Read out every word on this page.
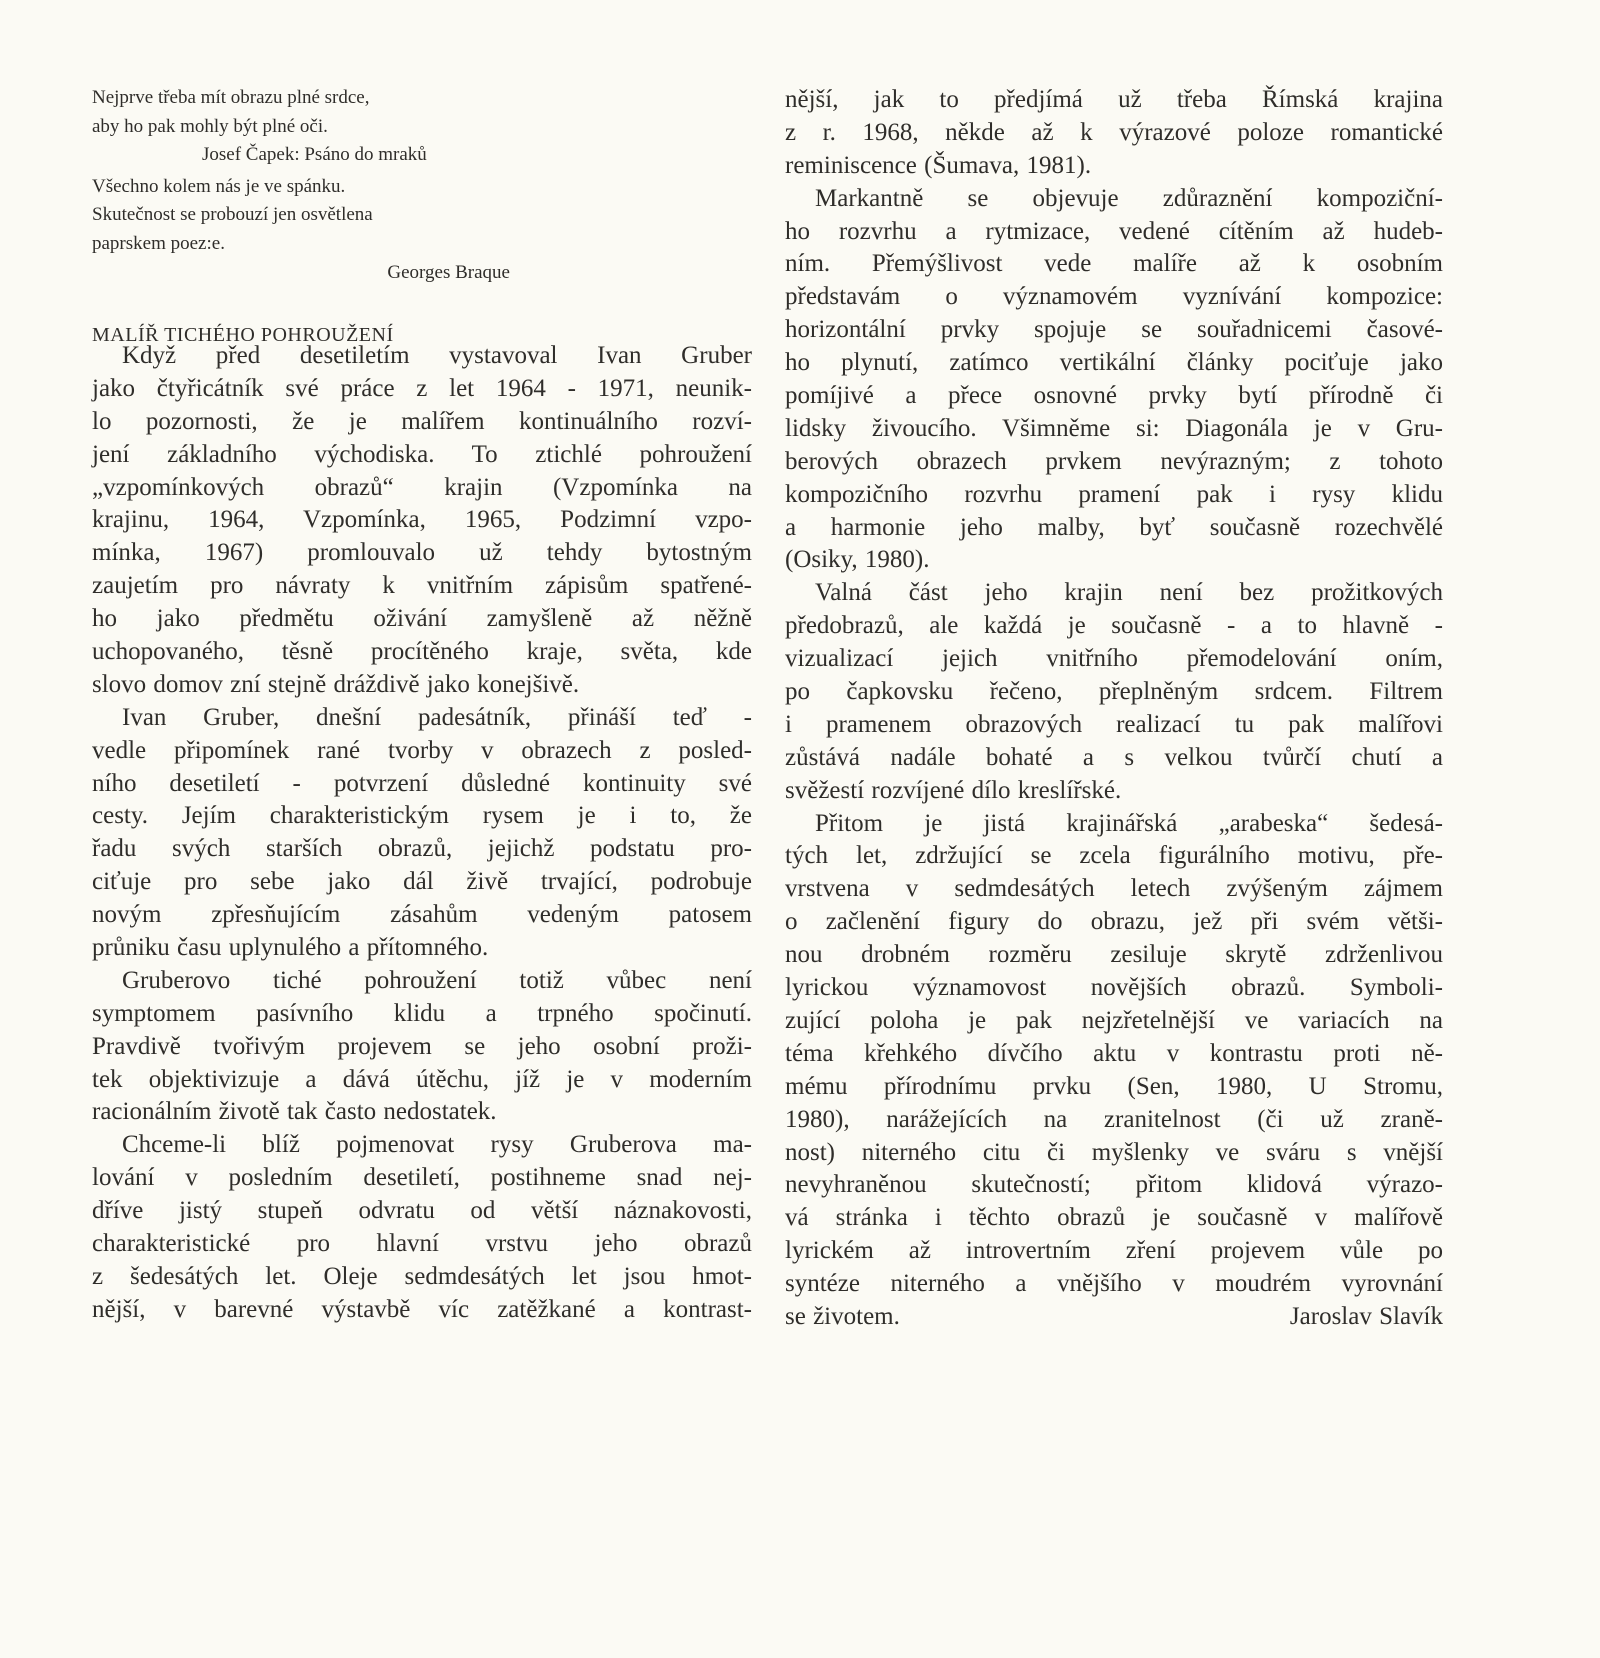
Nejprve třeba mít obrazu plné srdce,
aby ho pak mohly být plné oči.
Josef Čapek: Psáno do mraků
Všechno kolem nás je ve spánku.
Skutečnost se probouzí jen osvětlena
paprskem poez:e.
Georges Braque
MALÍŘ TICHÉHO POHROUŽENÍ
Když před desetiletím vystavoval Ivan Gruber
jako čtyřicátník své práce z let 1964 - 1971, neunik-
lo pozornosti, že je malířem kontinuálního rozví-
jení základního východiska. To ztichlé pohroužení
„vzpomínkových obrazů“ krajin (Vzpomínka na
krajinu, 1964, Vzpomínka, 1965, Podzimní vzpo-
mínka, 1967) promlouvalo už tehdy bytostným
zaujetím pro návraty k vnitřním zápisům spatřené-
ho jako předmětu oživání zamyšleně až něžně
uchopovaného, těsně procítěného kraje, světa, kde
slovo domov zní stejně dráždivě jako konejšivě.
Ivan Gruber, dnešní padesátník, přináší teď -
vedle připomínek rané tvorby v obrazech z posled-
ního desetiletí - potvrzení důsledné kontinuity své
cesty. Jejím charakteristickým rysem je i to, že
řadu svých starších obrazů, jejichž podstatu pro-
ciťuje pro sebe jako dál živě trvající, podrobuje
novým zpřesňujícím zásahům vedeným patosem
průniku času uplynulého a přítomného.
Gruberovo tiché pohroužení totiž vůbec není
symptomem pasívního klidu a trpného spočinutí.
Pravdivě tvořivým projevem se jeho osobní proži-
tek objektivizuje a dává útěchu, jíž je v moderním
racionálním životě tak často nedostatek.
Chceme-li blíž pojmenovat rysy Gruberova ma-
lování v posledním desetiletí, postihneme snad nej-
dříve jistý stupeň odvratu od větší náznakovosti,
charakteristické pro hlavní vrstvu jeho obrazů
z šedesátých let. Oleje sedmdesátých let jsou hmot-
nější, v barevné výstavbě víc zatěžkané a kontrast-
nější, jak to předjímá už třeba Římská krajina
z r. 1968, někde až k výrazové poloze romantické
reminiscence (Šumava, 1981).
Markantně se objevuje zdůraznění kompoziční-
ho rozvrhu a rytmizace, vedené cítěním až hudeb-
ním. Přemýšlivost vede malíře až k osobním
představám o významovém vyznívání kompozice:
horizontální prvky spojuje se souřadnicemi časové-
ho plynutí, zatímco vertikální články pociťuje jako
pomíjivé a přece osnovné prvky bytí přírodně či
lidsky živoucího. Všimněme si: Diagonála je v Gru-
berových obrazech prvkem nevýrazným; z tohoto
kompozičního rozvrhu pramení pak i rysy klidu
a harmonie jeho malby, byť současně rozechvělé
(Osiky, 1980).
Valná část jeho krajin není bez prožitkových
předobrazů, ale každá je současně - a to hlavně -
vizualizací jejich vnitřního přemodelování oním,
po čapkovsku řečeno, přeplněným srdcem. Filtrem
i pramenem obrazových realizací tu pak malířovi
zůstává nadále bohaté a s velkou tvůrčí chutí a
svěžestí rozvíjené dílo kreslířské.
Přitom je jistá krajinářská „arabeska“ šedesá-
tých let, zdržující se zcela figurálního motivu, pře-
vrstvena v sedmdesátých letech zvýšeným zájmem
o začlenění figury do obrazu, jež při svém větši-
nou drobném rozměru zesiluje skrytě zdrženlivou
lyrickou významovost novějších obrazů. Symboli-
zující poloha je pak nejzřetelnější ve variacích na
téma křehkého dívčího aktu v kontrastu proti ně-
mému přírodnímu prvku (Sen, 1980, U Stromu,
1980), narážejících na zranitelnost (či už zraně-
nost) niterného citu či myšlenky ve sváru s vnější
nevyhraněnou skutečností; přitom klidová výrazo-
vá stránka i těchto obrazů je současně v malířově
lyrickém až introvertním zření projevem vůle po
syntéze niterného a vnějšího v moudrém vyrovnání
se životem.	Jaroslav Slavík
